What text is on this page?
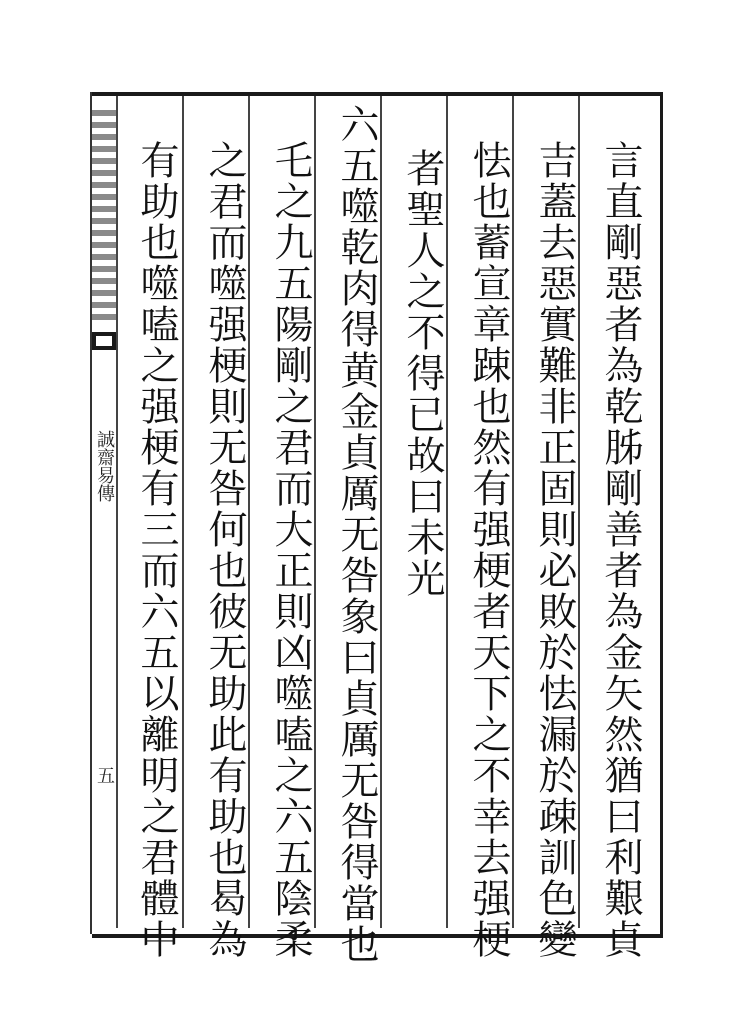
誠齋易傳
五	言直剛惡者為乾胏剛善者為金矢然猶曰利艱貞
吉蓋去惡實難非正固則必敗於怯漏於疎訓色變
怯也蓄宣章踈也然有强梗者天下之不幸去强梗
者聖人之不得已故曰未光
六五噬乾肉得黄金貞厲无咎象曰貞厲无咎得當也
乇之九五陽剛之君而大正則凶噬嗑之六五陰柔
之君而噬强梗則无咎何也彼无助此有助也曷為
有助也噬嗑之强梗有三而六五以離明之君體中
